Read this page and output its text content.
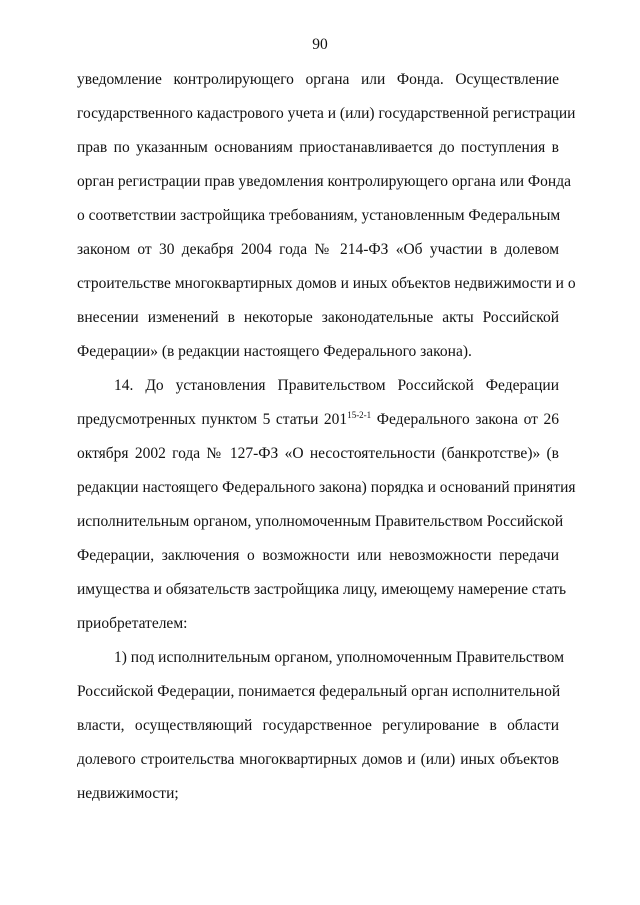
90
уведомление контролирующего органа или Фонда. Осуществление
государственного кадастрового учета и (или) государственной регистрации
прав по указанным основаниям приостанавливается до поступления в
орган регистрации прав уведомления контролирующего органа или Фонда
о соответствии застройщика требованиям, установленным Федеральным
законом от 30 декабря 2004 года № 214-ФЗ «Об участии в долевом
строительстве многоквартирных домов и иных объектов недвижимости и о
внесении изменений в некоторые законодательные акты Российской
Федерации» (в редакции настоящего Федерального закона).
14. До установления Правительством Российской Федерации
предусмотренных пунктом 5 статьи 201$^{15-2-1}$ Федерального закона от 26
октября 2002 года № 127-ФЗ «О несостоятельности (банкротстве)» (в
редакции настоящего Федерального закона) порядка и оснований принятия
исполнительным органом, уполномоченным Правительством Российской
Федерации, заключения о возможности или невозможности передачи
имущества и обязательств застройщика лицу, имеющему намерение стать
приобретателем:
1) под исполнительным органом, уполномоченным Правительством
Российской Федерации, понимается федеральный орган исполнительной
власти, осуществляющий государственное регулирование в области
долевого строительства многоквартирных домов и (или) иных объектов
недвижимости;
